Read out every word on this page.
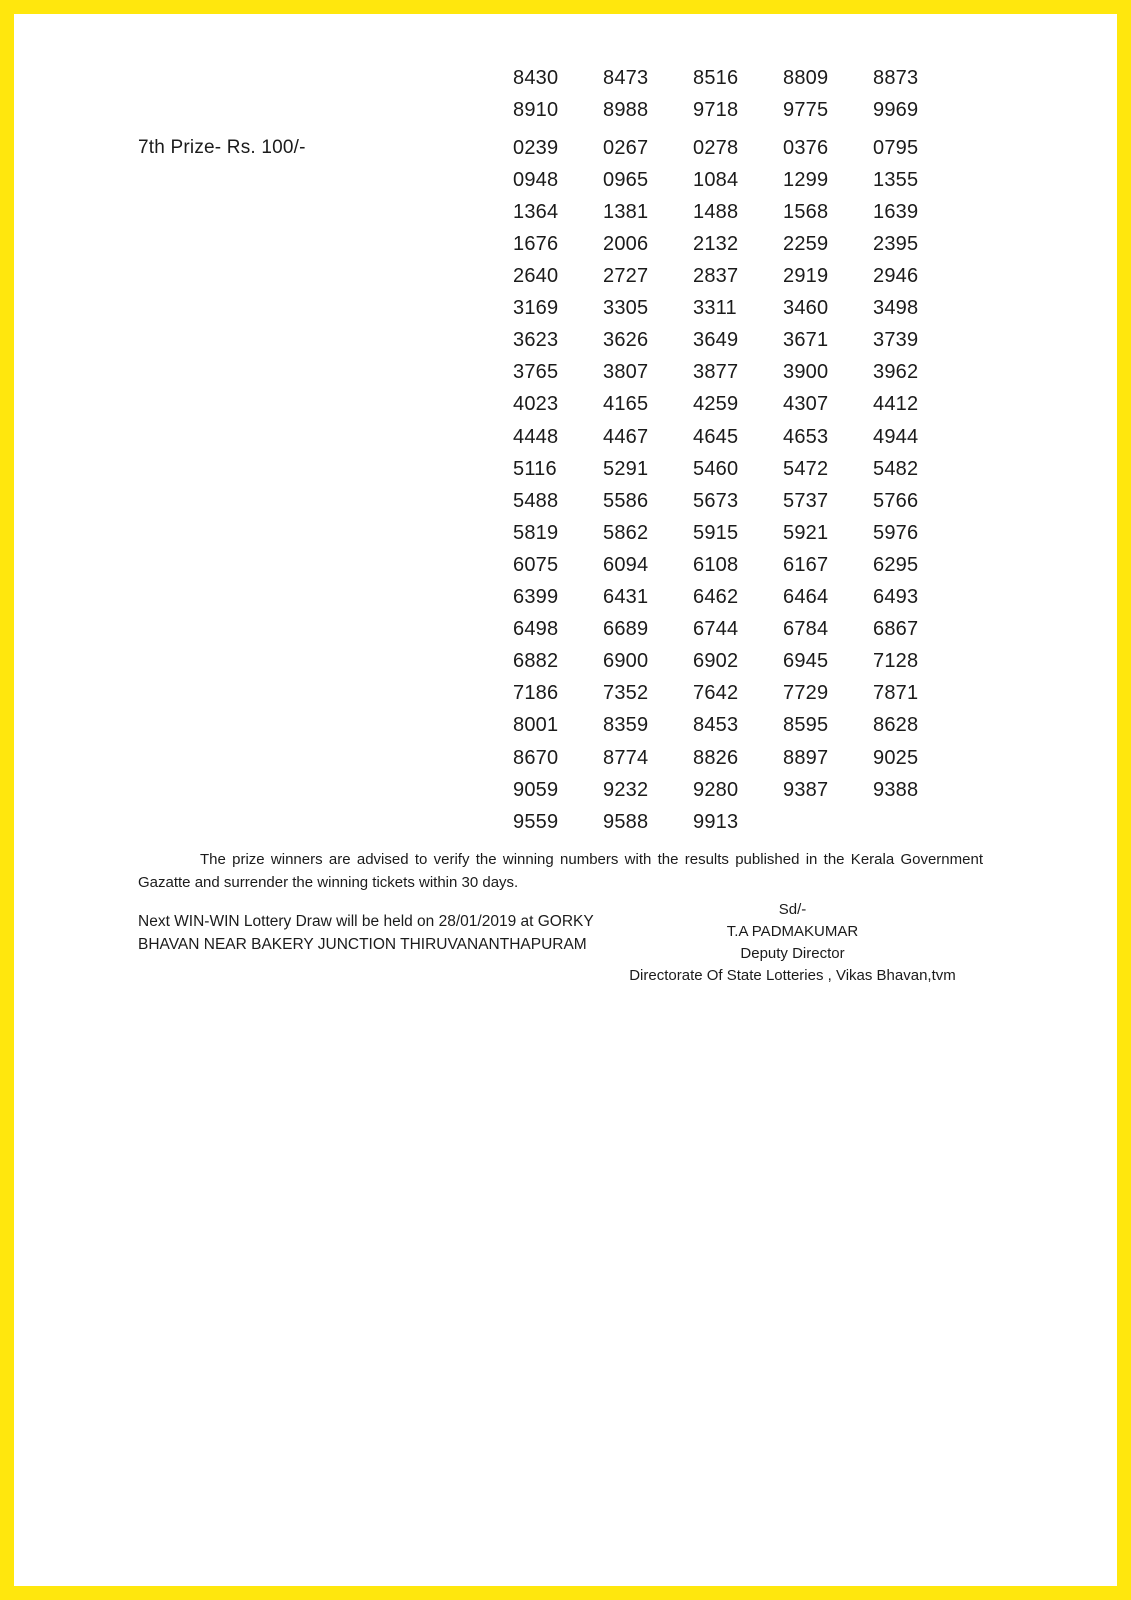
8430	8473	8516	8809	8873
8910	8988	9718	9775	9969
7th Prize- Rs. 100/-	0239	0267	0278	0376	0795
0948	0965	1084	1299	1355
1364	1381	1488	1568	1639
1676	2006	2132	2259	2395
2640	2727	2837	2919	2946
3169	3305	3311	3460	3498
3623	3626	3649	3671	3739
3765	3807	3877	3900	3962
4023	4165	4259	4307	4412
4448	4467	4645	4653	4944
5116	5291	5460	5472	5482
5488	5586	5673	5737	5766
5819	5862	5915	5921	5976
6075	6094	6108	6167	6295
6399	6431	6462	6464	6493
6498	6689	6744	6784	6867
6882	6900	6902	6945	7128
7186	7352	7642	7729	7871
8001	8359	8453	8595	8628
8670	8774	8826	8897	9025
9059	9232	9280	9387	9388
9559	9588	9913
The prize winners are advised to verify the winning numbers with the results published in the Kerala Government
Gazatte and surrender the winning tickets within 30 days.
Next WIN-WIN Lottery Draw will be held on 28/01/2019 at GORKY
BHAVAN NEAR BAKERY JUNCTION THIRUVANANTHAPURAM
Sd/-
T.A PADMAKUMAR
Deputy Director
Directorate Of State Lotteries , Vikas Bhavan,tvm
